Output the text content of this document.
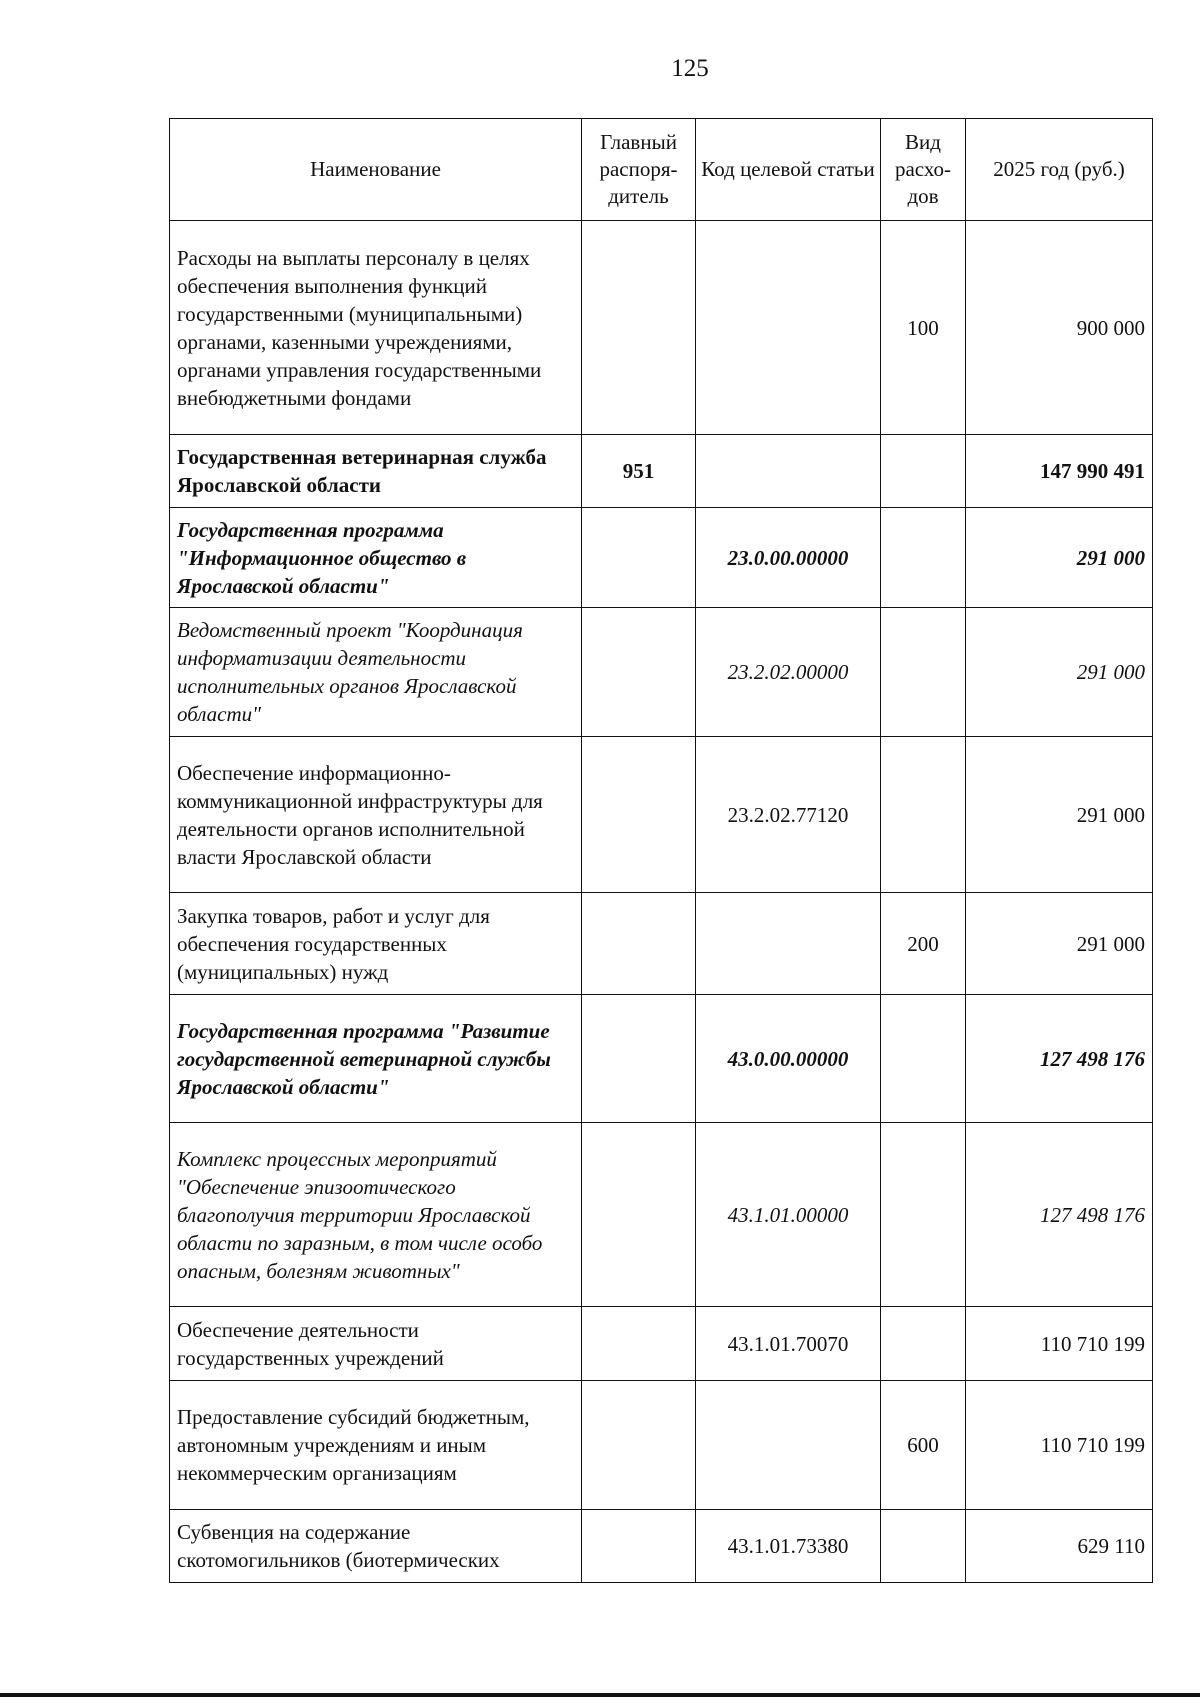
125
Наименование	Главный распоря-дитель	Код целевой статьи	Вид расхо-дов	2025 год (руб.)
Расходы на выплаты персоналу в целях обеспечения выполнения функций государственными (муниципальными) органами, казенными учреждениями, органами управления государственными внебюджетными фондами			100	900 000
Государственная ветеринарная служба Ярославской области	951			147 990 491
Государственная программа "Информационное общество в Ярославской области"		23.0.00.00000		291 000
Ведомственный проект "Координация информатизации деятельности исполнительных органов Ярославской области"		23.2.02.00000		291 000
Обеспечение информационно-коммуникационной инфраструктуры для деятельности органов исполнительной власти Ярославской области		23.2.02.77120		291 000
Закупка товаров, работ и услуг для обеспечения государственных (муниципальных) нужд			200	291 000
Государственная программа "Развитие государственной ветеринарной службы Ярославской области"		43.0.00.00000		127 498 176
Комплекс процессных мероприятий "Обеспечение эпизоотического благополучия территории Ярославской области по заразным, в том числе особо опасным, болезням животных"		43.1.01.00000		127 498 176
Обеспечение деятельности государственных учреждений		43.1.01.70070		110 710 199
Предоставление субсидий бюджетным, автономным учреждениям и иным некоммерческим организациям			600	110 710 199
Субвенция на содержание скотомогильников (биотермических		43.1.01.73380		629 110
